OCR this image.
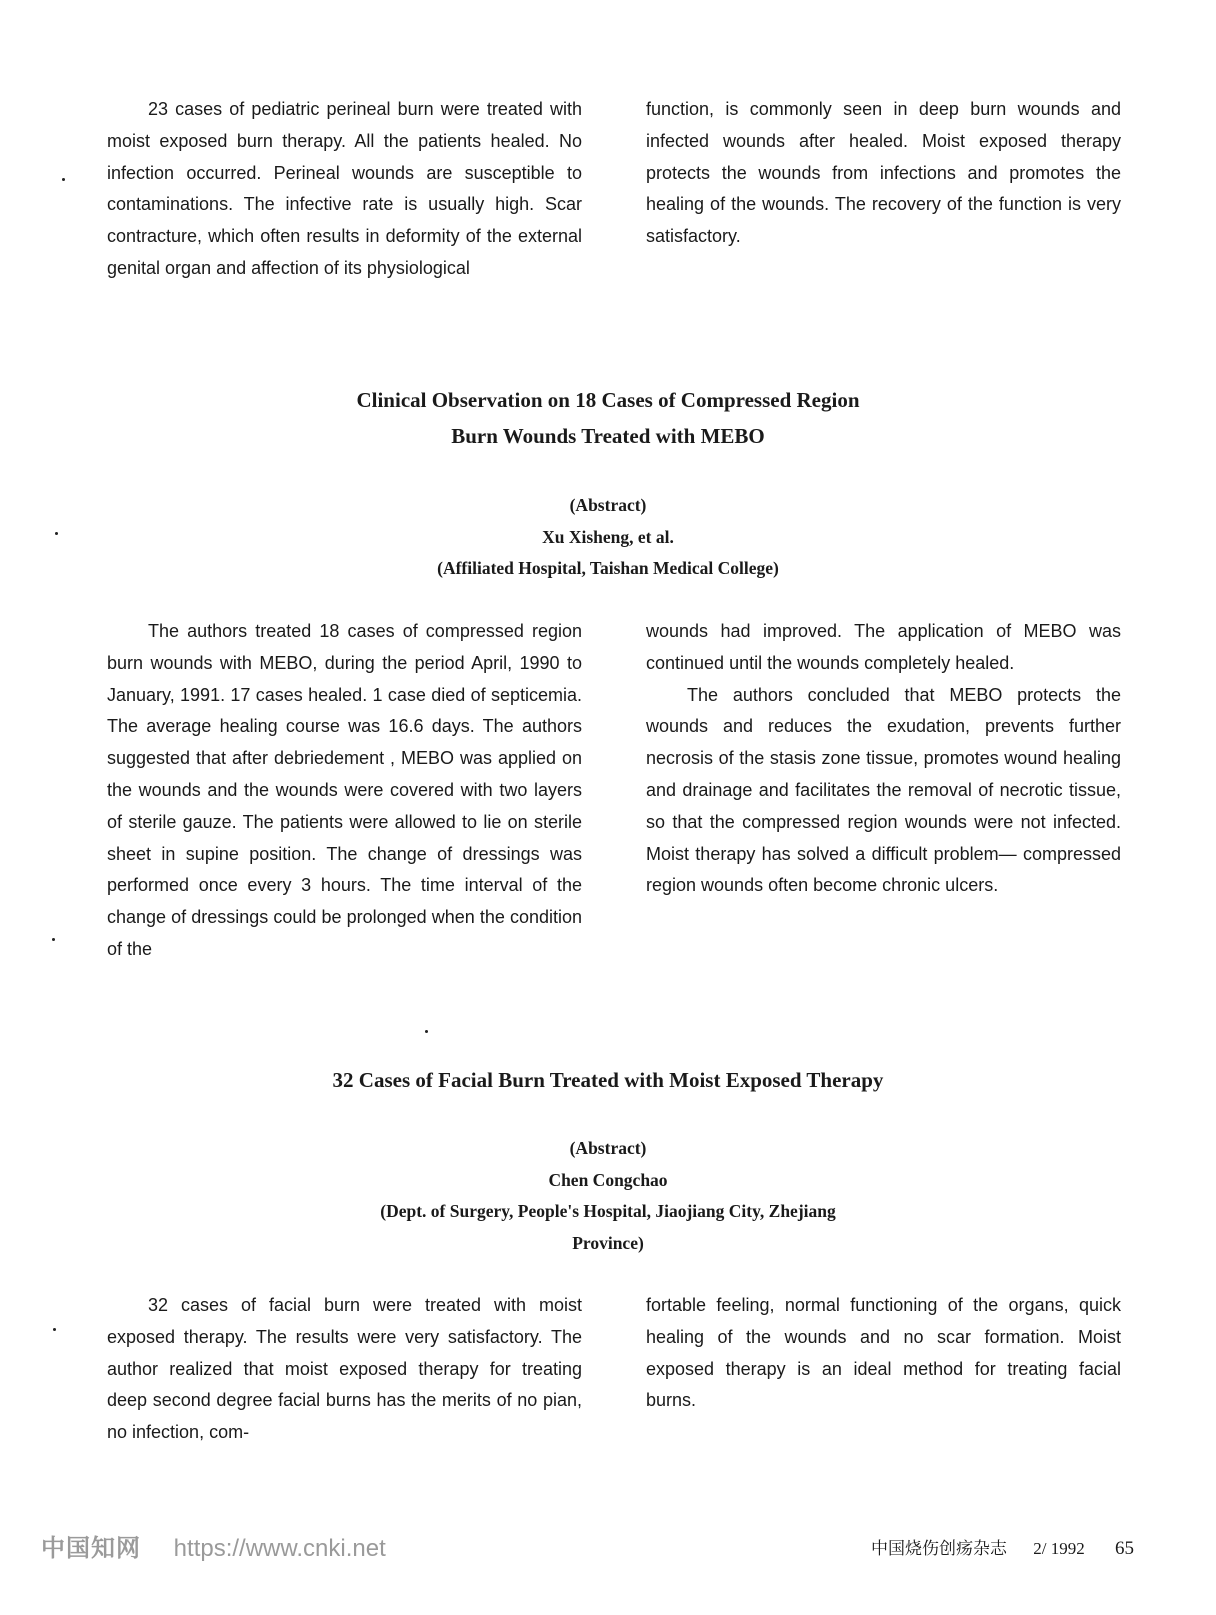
23 cases of pediatric perineal burn were treated with moist exposed burn therapy. All the patients healed. No infection occurred. Perineal wounds are susceptible to contaminations. The infective rate is usually high. Scar contracture, which often results in deformity of the external genital organ and affection of its physiological

function, is commonly seen in deep burn wounds and infected wounds after healed. Moist exposed therapy protects the wounds from infections and promotes the healing of the wounds. The recovery of the function is very satisfactory.

Clinical Observation on 18 Cases of Compressed Region
Burn Wounds Treated with MEBO
(Abstract)
Xu Xisheng, et al.
(Affiliated Hospital, Taishan Medical College)

The authors treated 18 cases of compressed region burn wounds with MEBO, during the period April, 1990 to January, 1991. 17 cases healed. 1 case died of septicemia. The average healing course was 16.6 days. The authors suggested that after debriedement , MEBO was applied on the wounds and the wounds were covered with two layers of sterile gauze. The patients were allowed to lie on sterile sheet in supine position. The change of dressings was performed once every 3 hours. The time interval of the change of dressings could be prolonged when the condition of the

wounds had improved. The application of MEBO was continued until the wounds completely healed.

The authors concluded that MEBO protects the wounds and reduces the exudation, prevents further necrosis of the stasis zone tissue, promotes wound healing and drainage and facilitates the removal of necrotic tissue, so that the compressed region wounds were not infected. Moist therapy has solved a difficult problem— compressed region wounds often become chronic ulcers.

32 Cases of Facial Burn Treated with Moist Exposed Therapy
(Abstract)
Chen Congchao
(Dept. of Surgery, People's Hospital, Jiaojiang City, Zhejiang
Province)

32 cases of facial burn were treated with moist exposed therapy. The results were very satisfactory. The author realized that moist exposed therapy for treating deep second degree facial burns has the merits of no pian, no infection, com-

fortable feeling, normal functioning of the organs, quick healing of the wounds and no scar formation. Moist exposed therapy is an ideal method for treating facial burns.

中国知网 https://www.cnki.net	中国烧伤创疡杂志 2/ 1992 65
